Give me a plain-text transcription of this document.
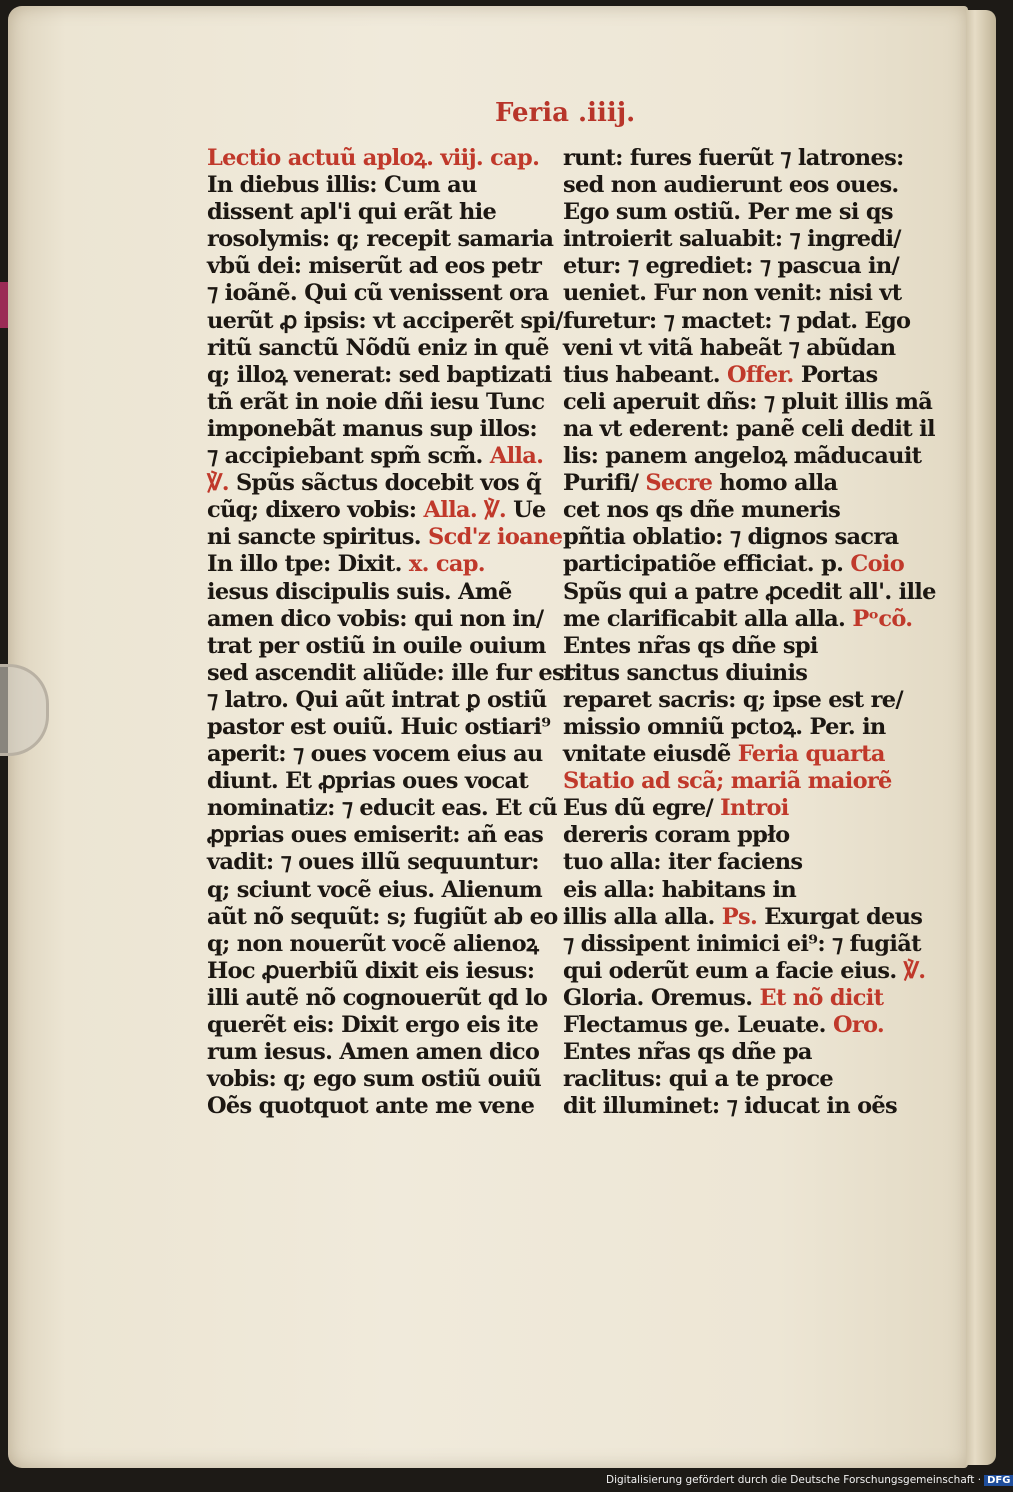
Feria .iiij.
Lectio actuũ aploꝝ. viij. cap.
In diebus illis: Cum au
dissent apl'i qui erãt hie
rosolymis: q; recepit samaria
vbũ dei: miserũt ad eos petr
⁊ ioãnẽ. Qui cũ venissent ora
uerũt ꝓ ipsis: vt acciperẽt spi/
ritũ sanctũ Nõdũ eniz in quẽ
q; illoꝝ venerat: sed baptizati
tñ erãt in noie dñi iesu Tunc
imponebãt manus sup illos:
⁊ accipiebant spm̃ scm̃. Alla.
℣. Spũs sãctus docebit vos q̃
cũq; dixero vobis: Alla. ℣. Ue
ni sancte spiritus. Scd'z ioane
In illo tpe: Dixit. x. cap.
iesus discipulis suis. Amẽ
amen dico vobis: qui non in/
trat per ostiũ in ouile ouium
sed ascendit aliũde: ille fur est
⁊ latro. Qui aũt intrat ꝑ ostiũ
pastor est ouiũ. Huic ostiari⁹
aperit: ⁊ oues vocem eius au
diunt. Et ꝓprias oues vocat
nominatiz: ⁊ educit eas. Et cũ
ꝓprias oues emiserit: añ eas
vadit: ⁊ oues illũ sequuntur:
q; sciunt vocẽ eius. Alienum
aũt nõ sequũt: s; fugiũt ab eo
q; non nouerũt vocẽ alienoꝝ
Hoc ꝓuerbiũ dixit eis iesus:
illi autẽ nõ cognouerũt qd lo
querẽt eis: Dixit ergo eis ite
rum iesus. Amen amen dico
vobis: q; ego sum ostiũ ouiũ
Oẽs quotquot ante me vene
runt: fures fuerũt ⁊ latrones:
sed non audierunt eos oues.
Ego sum ostiũ. Per me si qs
introierit saluabit: ⁊ ingredi/
etur: ⁊ egrediet: ⁊ pascua in/
ueniet. Fur non venit: nisi vt
furetur: ⁊ mactet: ⁊ pdat. Ego
veni vt vitã habeãt ⁊ abũdan
tius habeant. Offer. Portas
celi aperuit dñs: ⁊ pluit illis mã
na vt ederent: panẽ celi dedit il
lis: panem angeloꝝ mãducauit
Purifi/ Secre homo alla
cet nos qs dñe muneris
pñtia oblatio: ⁊ dignos sacra
participatiõe efficiat. p. Coio
Spũs qui a patre ꝓcedit all'. ille
me clarificabit alla alla. Pᵒcõ.
Entes nr̃as qs dñe spi
ritus sanctus diuinis
reparet sacris: q; ipse est re/
missio omniũ pctoꝝ. Per. in
vnitate eiusdẽ Feria quarta
Statio ad scã; mariã maiorẽ
Eus dũ egre/ Introi
dereris coram ppło
tuo alla: iter faciens
eis alla: habitans in
illis alla alla. Ps. Exurgat deus
⁊ dissipent inimici ei⁹: ⁊ fugiãt
qui oderũt eum a facie eius. ℣.
Gloria. Oremus. Et nõ dicit
Flectamus ge. Leuate. Oro.
Entes nr̃as qs dñe pa
raclitus: qui a te proce
dit illuminet: ⁊ iducat in oẽs
Digitalisierung gefördert durch die Deutsche Forschungsgemeinschaft · DFG
